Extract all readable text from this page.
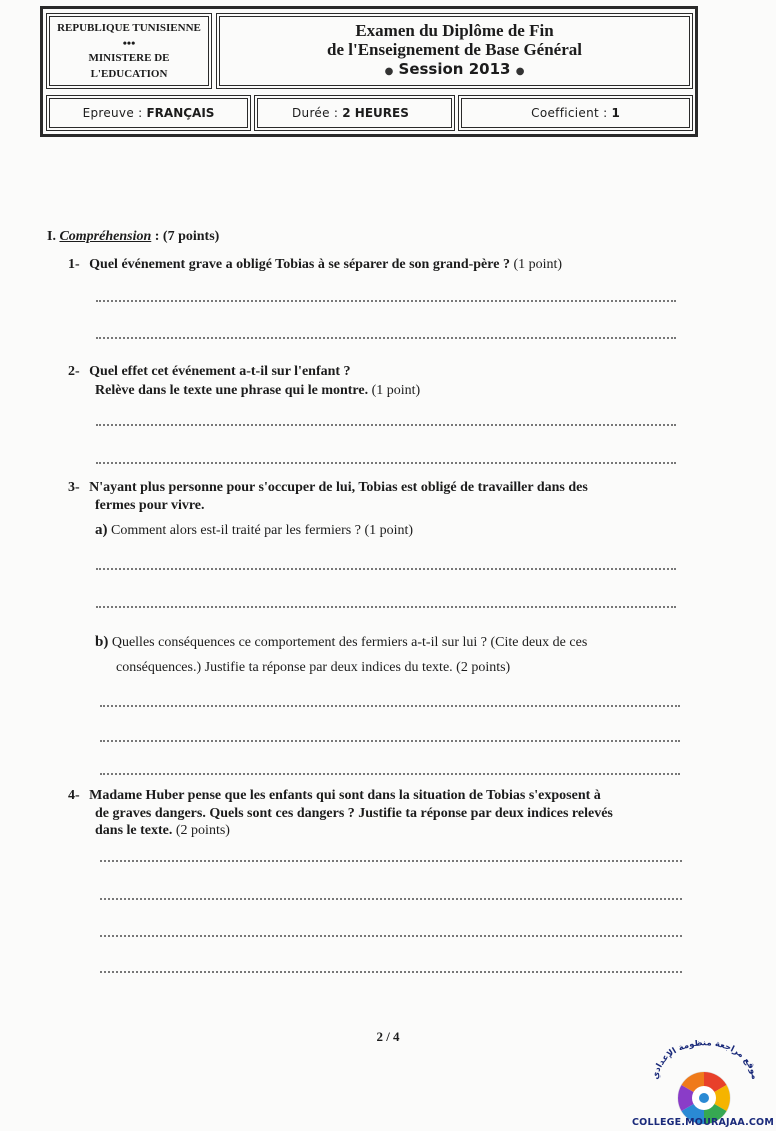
REPUBLIQUE TUNISIENNE
•••
MINISTERE DE L'EDUCATION
Examen du Diplôme de Fin
de l'Enseignement de Base Général
● Session 2013 ●
Epreuve : FRANÇAIS	Durée : 2 HEURES	Coefficient : 1
I. Compréhension : (7 points)
1- Quel événement grave a obligé Tobias à se séparer de son grand-père ? (1 point)
2- Quel effet cet événement a-t-il sur l'enfant ?
Relève dans le texte une phrase qui le montre. (1 point)
3- N'ayant plus personne pour s'occuper de lui, Tobias est obligé de travailler dans des
fermes pour vivre.
a) Comment alors est-il traité par les fermiers ? (1 point)
b) Quelles conséquences ce comportement des fermiers a-t-il sur lui ? (Cite deux de ces
conséquences.) Justifie ta réponse par deux indices du texte. (2 points)
4- Madame Huber pense que les enfants qui sont dans la situation de Tobias s'exposent à
de graves dangers. Quels sont ces dangers ? Justifie ta réponse par deux indices relevés
dans le texte. (2 points)
2 / 4
موقع مراجعة منظومة الإعدادي
COLLEGE.MOURAJAA.COM
